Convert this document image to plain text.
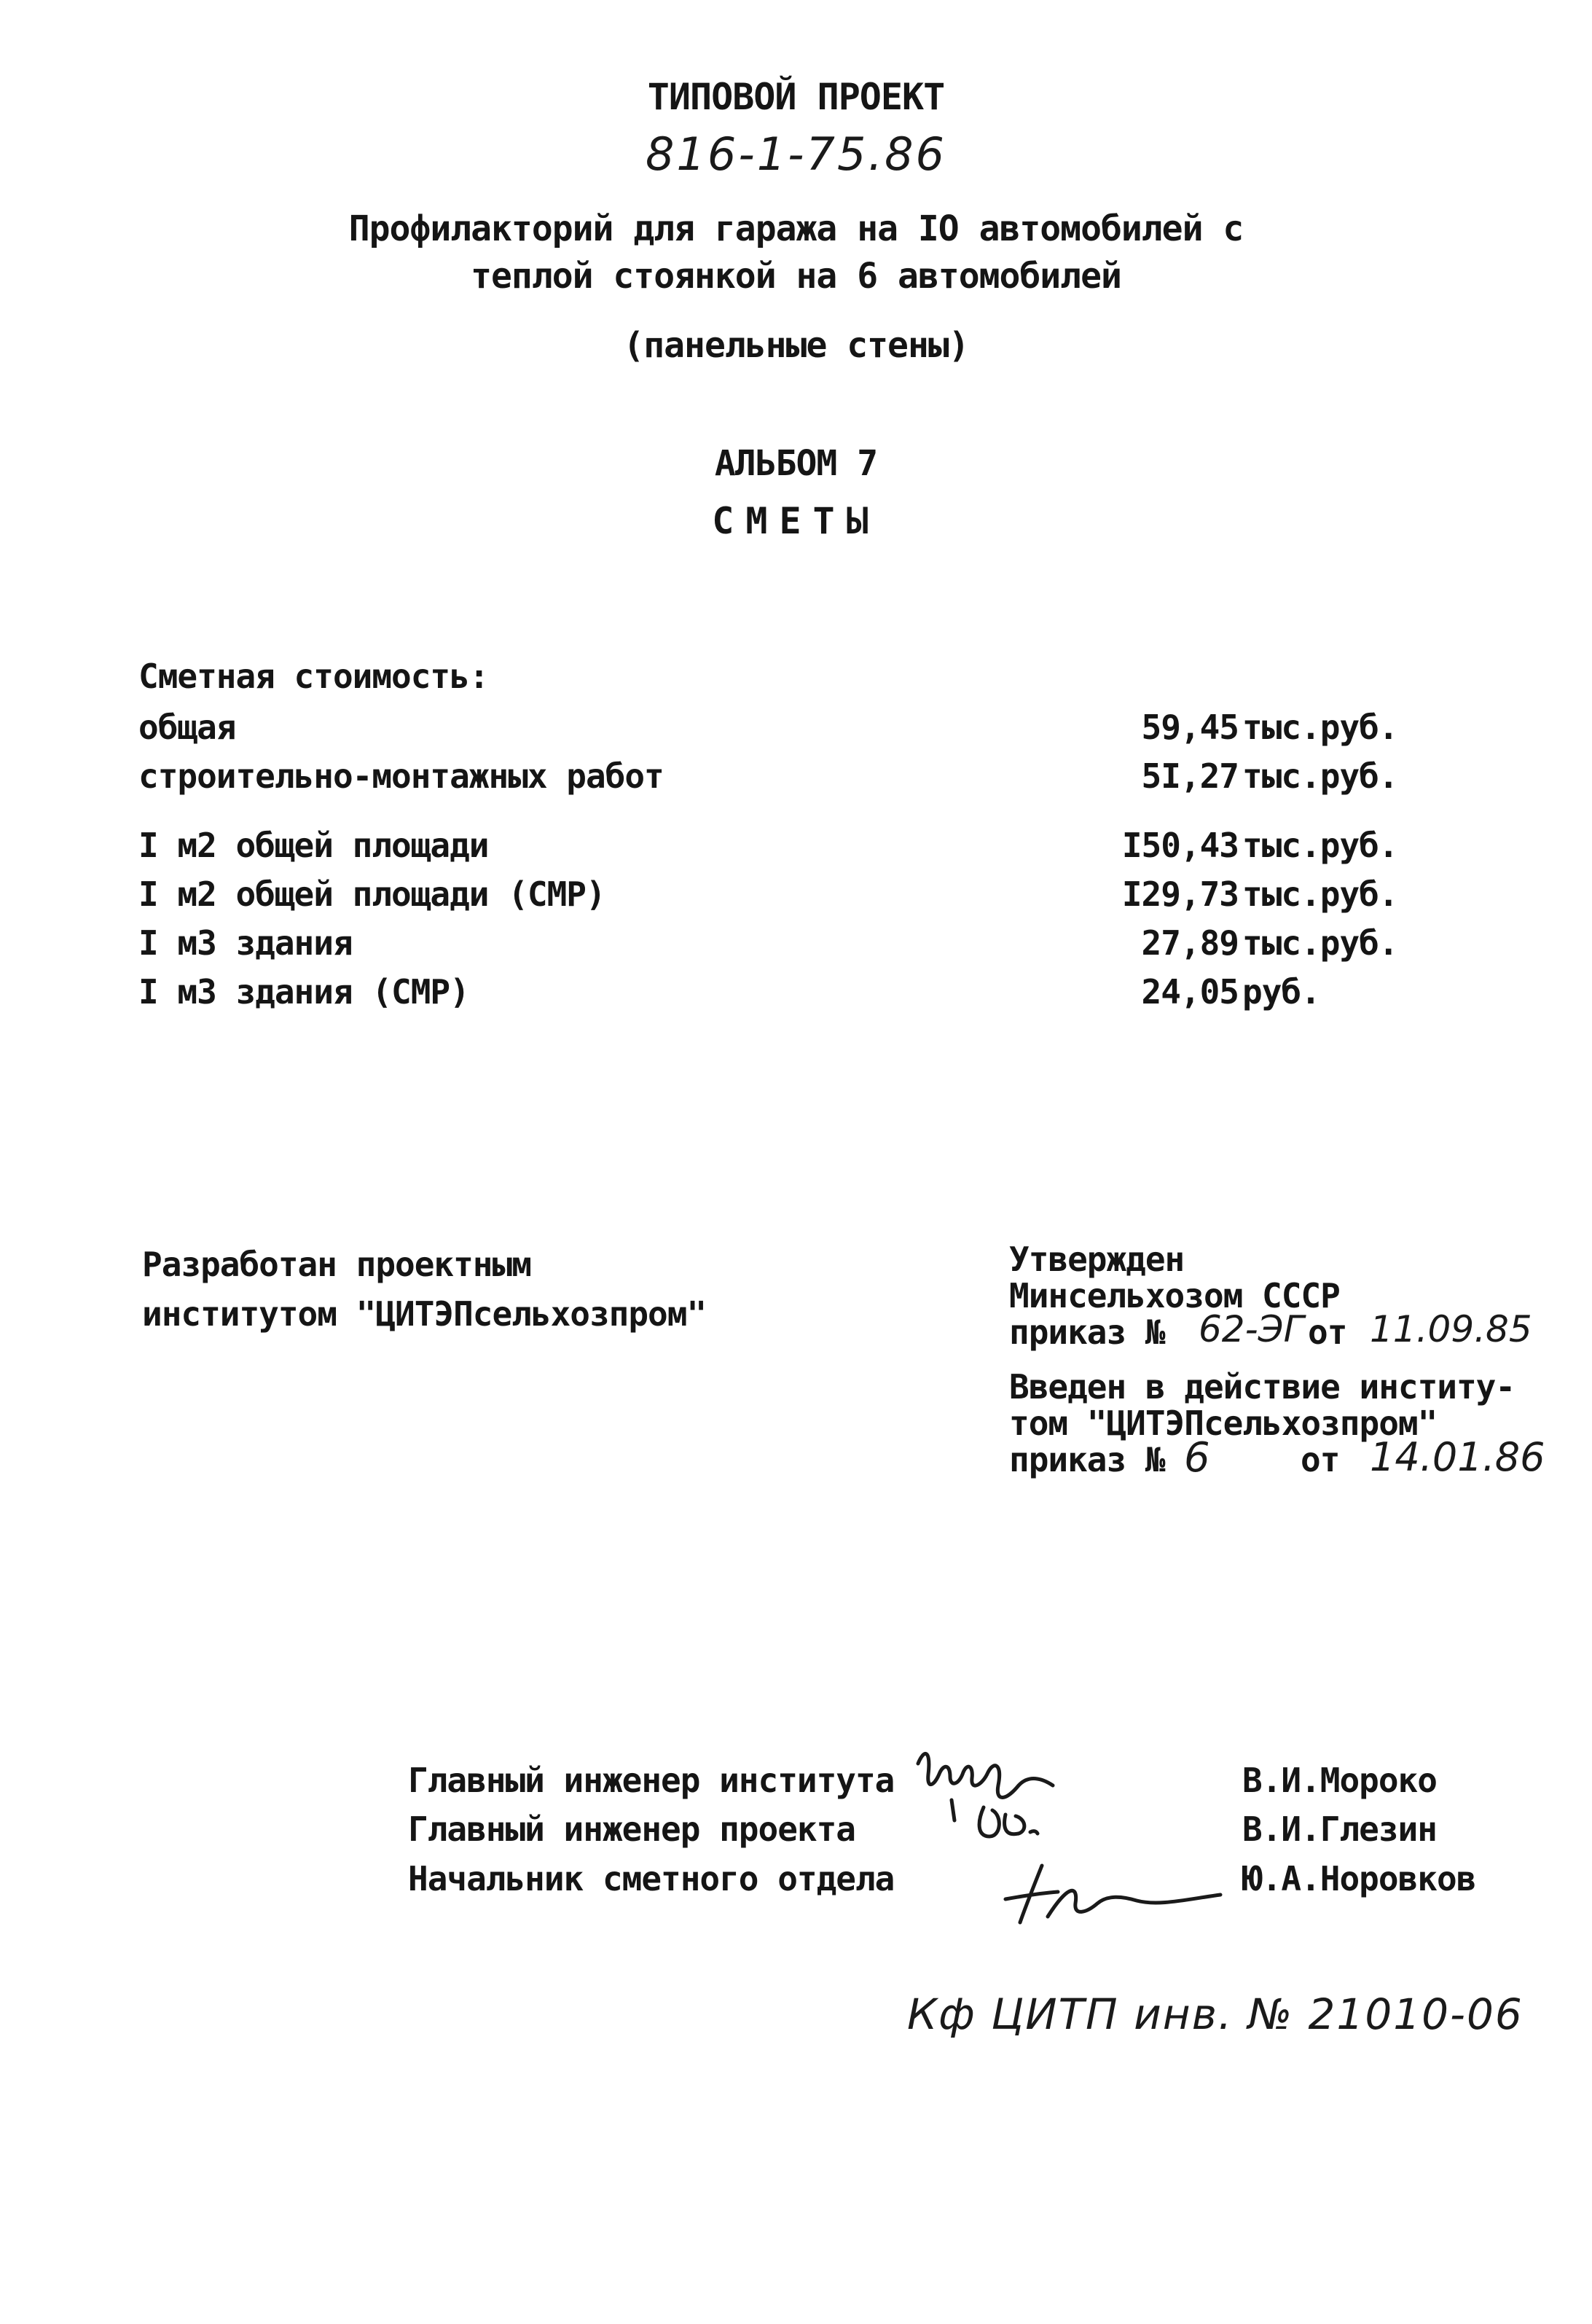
ТИПОВОЙ ПРОЕКТ
816-1-75.86
Профилакторий для гаража на IO автомобилей с
теплой стоянкой на 6 автомобилей
(панельные стены)
АЛЬБОМ 7
СМЕТЫ
Сметная стоимость:
общая	59,45 тыс.руб.
строительно-монтажных работ	5I,27 тыс.руб.
I м2 общей площади	I50,43 тыс.руб.
I м2 общей площади (СМР)	I29,73 тыс.руб.
I м3 здания	27,89 тыс.руб.
I м3 здания (СМР)	24,05 руб.
Разработан проектным
институтом "ЦИТЭПсельхозпром"
Утвержден
Минсельхозом СССР
приказ № 62-ЭГ от 11.09.85
Введен в действие институ-
том "ЦИТЭПсельхозпром"
приказ № 6	от 14.01.86
Главный инженер института	В.И.Мороко
Главный инженер проекта	В.И.Глезин
Начальник сметного отдела	Ю.А.Норовков
Кф ЦИТП инв. № 21010-06
